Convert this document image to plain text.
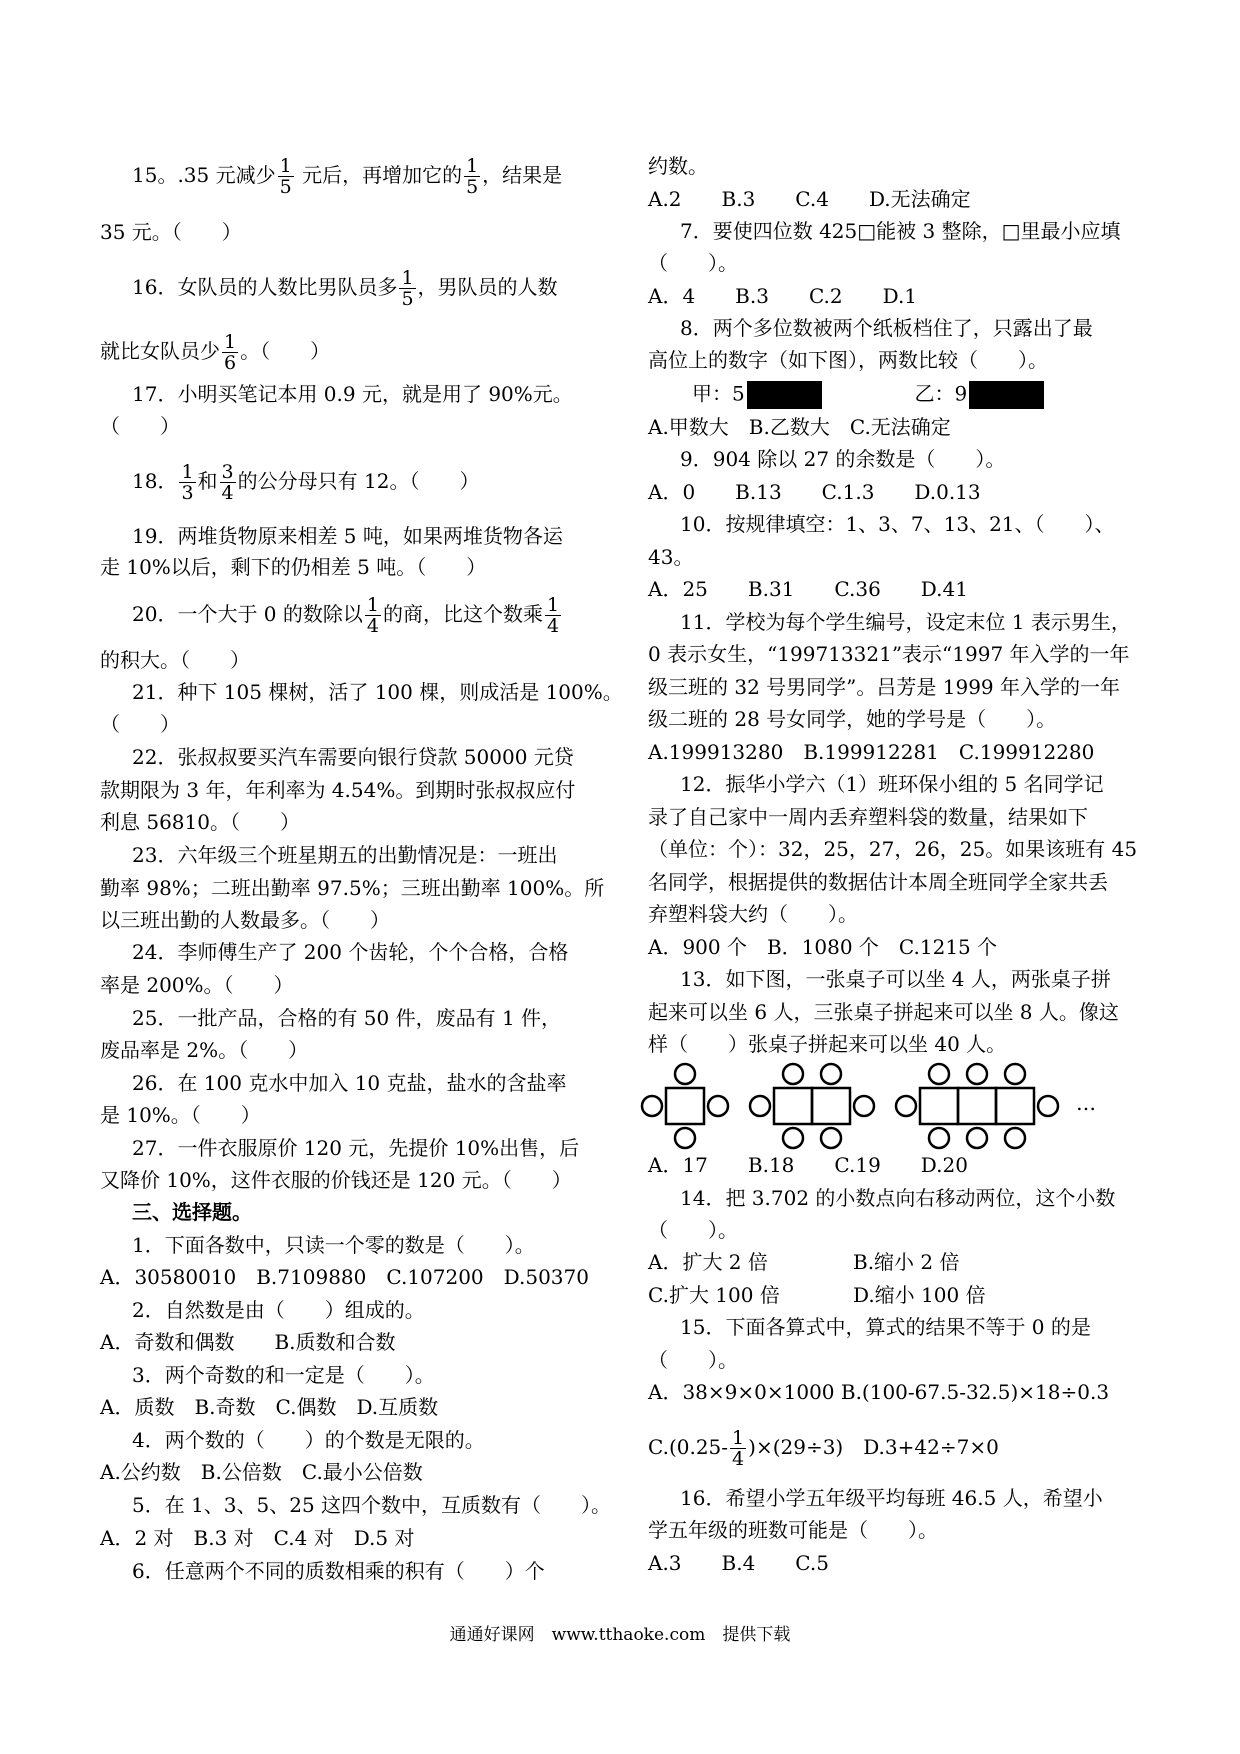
15。.35 元减少 $\frac{1}{5}$ 元后，再增加它的 $\frac{1}{5}$ ，结果是
35 元。（　　）
16．女队员的人数比男队员多 $\frac{1}{5}$ ，男队员的人数
就比女队员少 $\frac{1}{6}$ 。（　　）
17．小明买笔记本用 0.9 元，就是用了 90%元。
（　　）
18． $\frac{1}{3}$ 和 $\frac{3}{4}$ 的公分母只有 12。（　　）
19．两堆货物原来相差 5 吨，如果两堆货物各运
走 10%以后，剩下的仍相差 5 吨。（　　）
20．一个大于 0 的数除以 $\frac{1}{4}$ 的商，比这个数乘 $\frac{1}{4}$
的积大。（　　）
21．种下 105 棵树，活了 100 棵，则成活是 100%。
（　　）
22．张叔叔要买汽车需要向银行贷款 50000 元贷
款期限为 3 年，年利率为 4.54%。到期时张叔叔应付
利息 56810。（　　）
23．六年级三个班星期五的出勤情况是：一班出
勤率 98%；二班出勤率 97.5%；三班出勤率 100%。所
以三班出勤的人数最多。（　　）
24．李师傅生产了 200 个齿轮，个个合格，合格
率是 200%。（　　）
25．一批产品，合格的有 50 件，废品有 1 件，
废品率是 2%。（　　）
26．在 100 克水中加入 10 克盐，盐水的含盐率
是 10%。（　　）
27．一件衣服原价 120 元，先提价 10%出售，后
又降价 10%，这件衣服的价钱还是 120 元。（　　）
三、选择题。
1．下面各数中，只读一个零的数是（　　）。
A．30580010　B.7109880　C.107200　D.50370
2．自然数是由（　　）组成的。
A．奇数和偶数　　B.质数和合数
3．两个奇数的和一定是（　　）。
A．质数　B.奇数　C.偶数　D.互质数
4．两个数的（　　）的个数是无限的。
A.公约数　B.公倍数　C.最小公倍数
5．在 1、3、5、25 这四个数中，互质数有（　　）。
A．2 对　B.3 对　C.4 对　D.5 对
6．任意两个不同的质数相乘的积有（　　）个
约数。
A.2　　B.3　　C.4　　D.无法确定
7．要使四位数 425□能被 3 整除，□里最小应填
（　　）。
A．4　　B.3　　C.2　　D.1
8．两个多位数被两个纸板档住了，只露出了最
高位上的数字（如下图），两数比较（　　）。
甲：5	乙：9
A.甲数大　B.乙数大　C.无法确定
9．904 除以 27 的余数是（　　）。
A．0　　B.13　　C.1.3　　D.0.13
10．按规律填空：1、3、7、13、21、（　　）、
43。
A．25　　B.31　　C.36　　D.41
11．学校为每个学生编号，设定末位 1 表示男生，
0 表示女生，“199713321”表示“1997 年入学的一年
级三班的 32 号男同学”。吕芳是 1999 年入学的一年
级二班的 28 号女同学，她的学号是（　　）。
A.199913280　B.199912281　C.199912280
12．振华小学六（1）班环保小组的 5 名同学记
录了自己家中一周内丢弃塑料袋的数量，结果如下
（单位：个）：32，25，27，26，25。如果该班有 45
名同学，根据提供的数据估计本周全班同学全家共丢
弃塑料袋大约（　　）。
A．900 个　B．1080 个　C.1215 个
13．如下图，一张桌子可以坐 4 人，两张桌子拼
起来可以坐 6 人，三张桌子拼起来可以坐 8 人。像这
样（　　）张桌子拼起来可以坐 40 人。
A．17　　B.18　　C.19　　D.20
14．把 3.702 的小数点向右移动两位，这个小数
（　　）。
A．扩大 2 倍	B.缩小 2 倍
C.扩大 100 倍	D.缩小 100 倍
15．下面各算式中，算式的结果不等于 0 的是
（　　）。
A．38×9×0×1000 B.(100-67.5-32.5)×18÷0.3
$C.(0.25- \frac{1}{4} )\times(29\div 3)$　D.3+42÷7×0
16．希望小学五年级平均每班 46.5 人，希望小
学五年级的班数可能是（　　）。
A.3　　B.4　　C.5
…
通通好课网　www.tthaoke.com　提供下载
